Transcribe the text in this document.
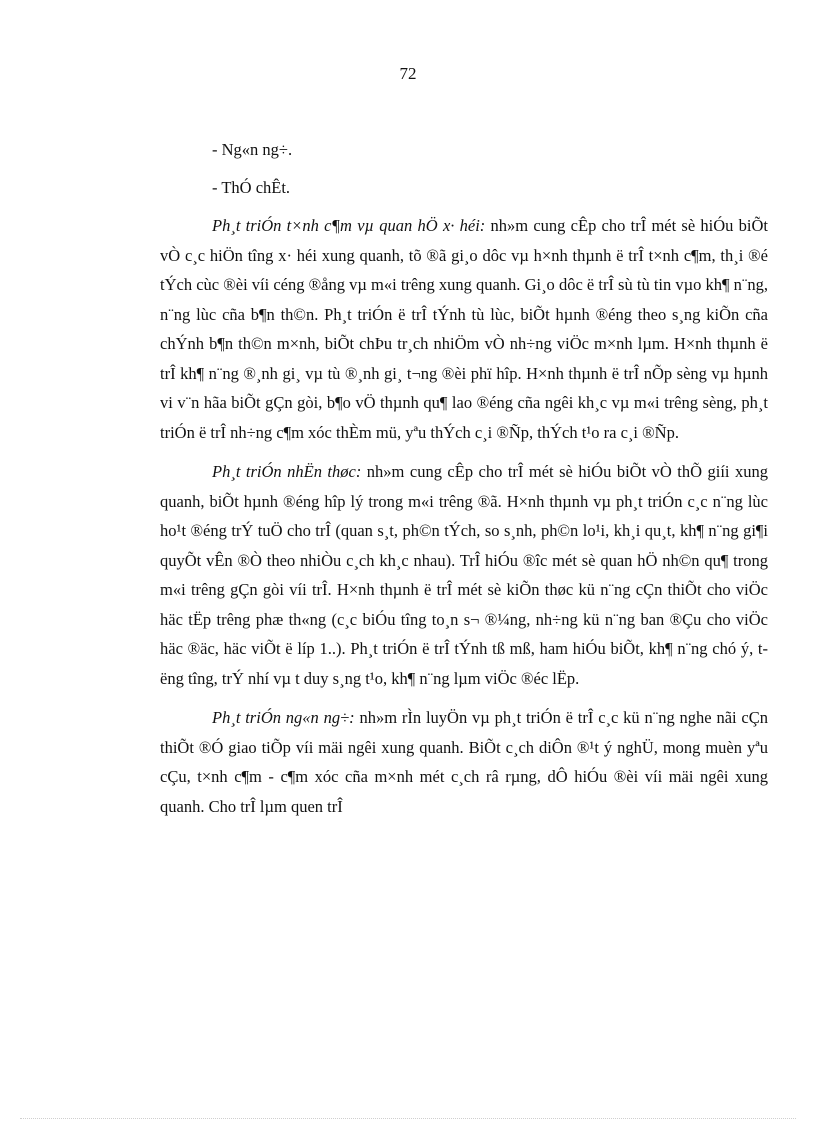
72

- Ng«n ng÷.

- ThÓ chÊt.

Ph¸t triÓn t×nh c¶m vµ quan hÖ x· héi: nh»m cung cÊp cho trÎ mét sè hiÓu biÕt vÒ c¸c hiÖn tîng x· héi xung quanh, tõ ®ã gi¸o dôc vµ h×nh thµnh ë trÎ t×nh c¶m, th¸i ®é tÝch cùc ®èi víi céng ®ång vµ m«i trêng xung quanh. Gi¸o dôc ë trÎ sù tù tin vµo kh¶ n¨ng, n¨ng lùc cña b¶n th©n. Ph¸t triÓn ë trÎ tÝnh tù lùc, biÕt hµnh ®éng theo s¸ng kiÕn cña chÝnh b¶n th©n m×nh, biÕt chÞu tr¸ch nhiÖm vÒ nh÷ng viÖc m×nh lµm. H×nh thµnh ë trÎ kh¶ n¨ng ®¸nh gi¸ vµ tù ®¸nh gi¸ t¬ng ®èi phï hîp. H×nh thµnh ë trÎ nÕp sèng vµ hµnh vi v¨n hãa biÕt gÇn gòi, b¶o vÖ thµnh qu¶ lao ®éng cña ngêi kh¸c vµ m«i trêng sèng, ph¸t triÓn ë trÎ nh÷ng c¶m xóc thÈm mü, yªu thÝch c¸i ®Ñp, thÝch t¹o ra c¸i ®Ñp.

Ph¸t triÓn nhËn thøc: nh»m cung cÊp cho trÎ mét sè hiÓu biÕt vÒ thÕ giíi xung quanh, biÕt hµnh ®éng hîp lý trong m«i trêng ®ã. H×nh thµnh vµ ph¸t triÓn c¸c n¨ng lùc ho¹t ®éng trÝ tuÖ cho trÎ (quan s¸t, ph©n tÝch, so s¸nh, ph©n lo¹i, kh¸i qu¸t, kh¶ n¨ng gi¶i quyÕt vÊn ®Ò theo nhiÒu c¸ch kh¸c nhau). TrÎ hiÓu ®îc mét sè quan hÖ nh©n qu¶ trong m«i trêng gÇn gòi víi trÎ. H×nh thµnh ë trÎ mét sè kiÕn thøc kü n¨ng cÇn thiÕt cho viÖc häc tËp trêng phæ th«ng (c¸c biÓu tîng to¸n s¬ ®¼ng, nh÷ng kü n¨ng ban ®Çu cho viÖc häc ®äc, häc viÕt ë líp 1..). Ph¸t triÓn ë trÎ tÝnh tß mß, ham hiÓu biÕt, kh¶ n¨ng chó ý, tëng tîng, trÝ nhí vµ t duy s¸ng t¹o, kh¶ n¨ng lµm viÖc ®éc lËp.

Ph¸t triÓn ng«n ng÷: nh»m rÌn luyÖn vµ ph¸t triÓn ë trÎ c¸c kü n¨ng nghe nãi cÇn thiÕt ®Ó giao tiÕp víi mäi ngêi xung quanh. BiÕt c¸ch diÔn ®¹t ý nghÜ, mong muèn yªu cÇu, t×nh c¶m - c¶m xóc cña m×nh mét c¸ch râ rµng, dÔ hiÓu ®èi víi mäi ngêi xung quanh. Cho trÎ lµm quen trÎ
